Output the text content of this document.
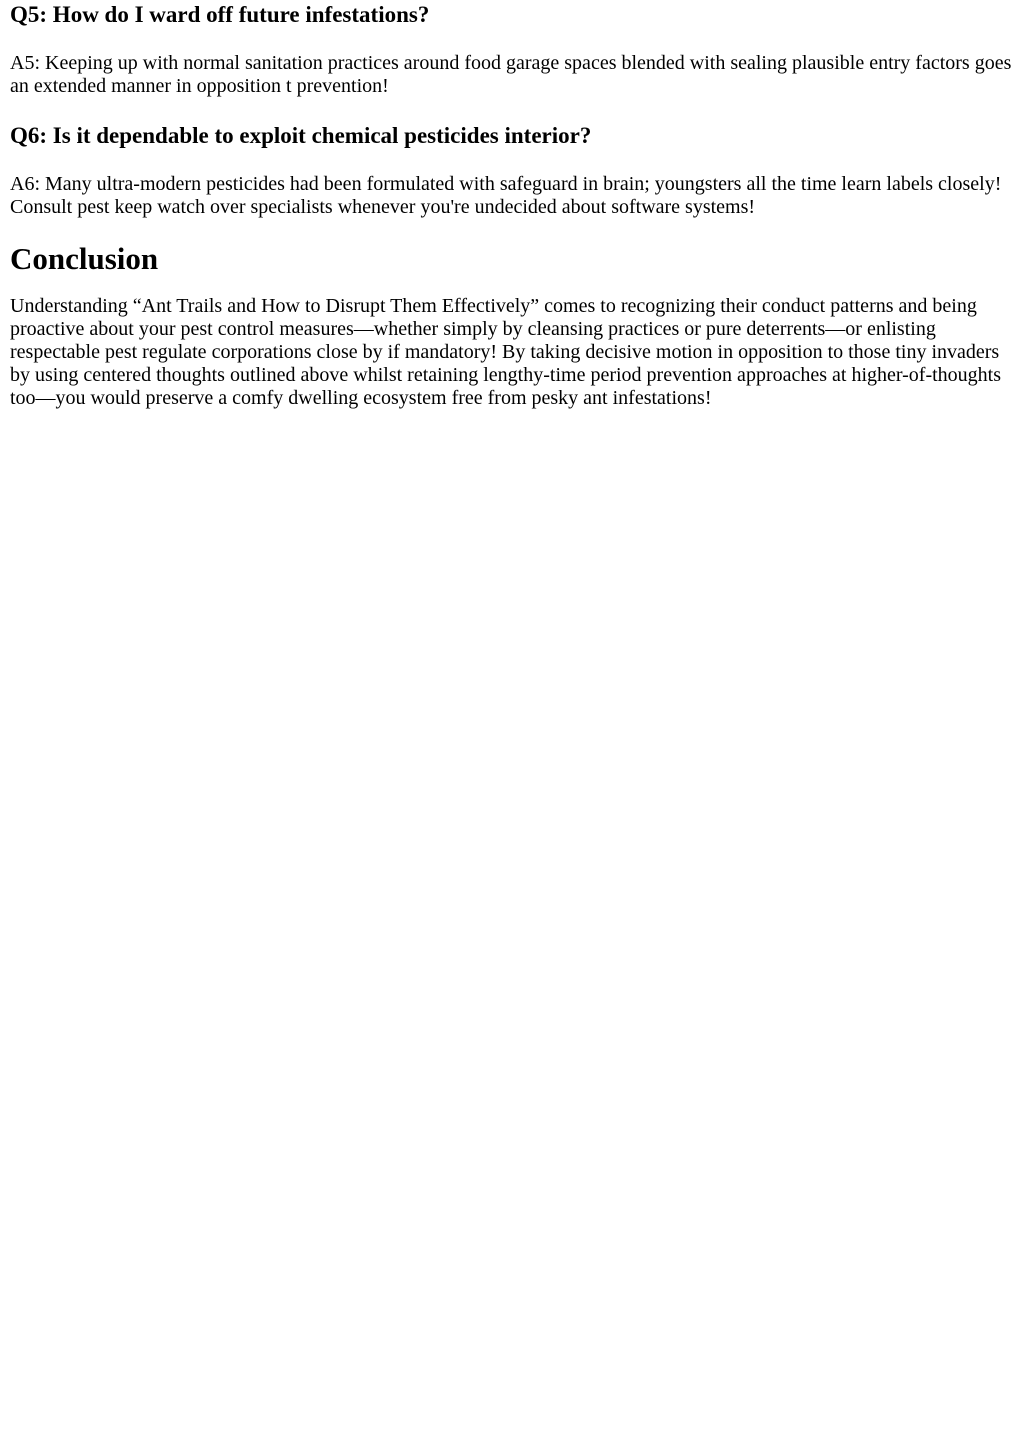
Q5: How do I ward off future infestations?

A5: Keeping up with normal sanitation practices around food garage spaces blended with sealing plausible entry factors goes an extended manner in opposition t prevention!

Q6: Is it dependable to exploit chemical pesticides interior?

A6: Many ultra-modern pesticides had been formulated with safeguard in brain; youngsters all the time learn labels closely! Consult pest keep watch over specialists whenever you're undecided about software systems!

Conclusion

Understanding “Ant Trails and How to Disrupt Them Effectively” comes to recognizing their conduct patterns and being proactive about your pest control measures—whether simply by cleansing practices or pure deterrents—or enlisting respectable pest regulate corporations close by if mandatory! By taking decisive motion in opposition to those tiny invaders by using centered thoughts outlined above whilst retaining lengthy-time period prevention approaches at higher-of-thoughts too—you would preserve a comfy dwelling ecosystem free from pesky ant infestations!
